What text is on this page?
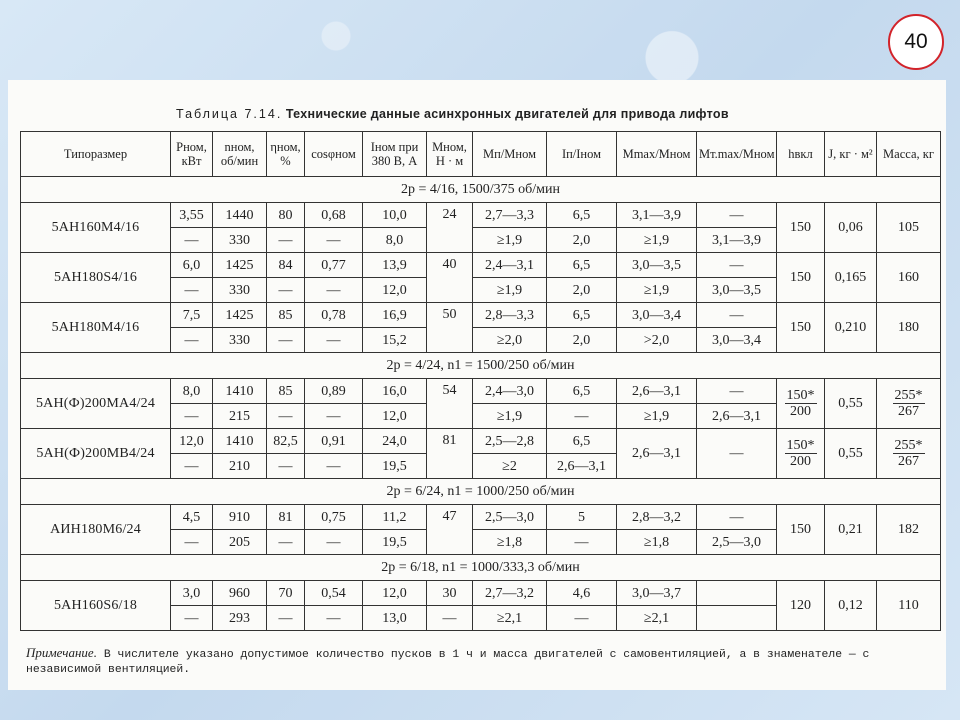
40
Таблица 7.14. Технические данные асинхронных двигателей для привода лифтов
Типоразмер	Pном, кВт	nном, об/мин	ηном, %	cosφном	Iном при 380 В, А	Mном, Н · м	Mп/Mном	Iп/Iном	Mmax/Mном	Mт.max/Mном	hвкл	J, кг · м²	Масса, кг
2p = 4/16, 1500/375 об/мин													
5АН160М4/16	3,55	1440	80	0,68	10,0	24	2,7—3,3	6,5	3,1—3,9	—	150	0,06	105
	—	330	—	—	8,0		≥1,9	2,0	≥1,9	3,1—3,9			
5АН180S4/16	6,0	1425	84	0,77	13,9	40	2,4—3,1	6,5	3,0—3,5	—	150	0,165	160
	—	330	—	—	12,0		≥1,9	2,0	≥1,9	3,0—3,5			
5АН180М4/16	7,5	1425	85	0,78	16,9	50	2,8—3,3	6,5	3,0—3,4	—	150	0,210	180
	—	330	—	—	15,2		≥2,0	2,0	>2,0	3,0—3,4			
2p = 4/24, n1 = 1500/250 об/мин													
5АН(Ф)200МА4/24	8,0	1410	85	0,89	16,0	54	2,4—3,0	6,5	2,6—3,1	—	$\frac{150*}{200}$	0,55	$\frac{255*}{267}$

	—	215	—	—	12,0		≥1,9	—	≥1,9	2,6—3,1			
5АН(Ф)200МВ4/24	12,0	1410	82,5	0,91	24,0	81	2,5—2,8	6,5	2,6—3,1	—	$\frac{150*}{200}$	0,55	$\frac{255*}{267}$

	—	210	—	—	19,5		≥2	2,6—3,1					
2p = 6/24, n1 = 1000/250 об/мин													
АИН180М6/24	4,5	910	81	0,75	11,2	47	2,5—3,0	5	2,8—3,2	—	150	0,21	182
	—	205	—	—	19,5		≥1,8	—	≥1,8	2,5—3,0			
2p = 6/18, n1 = 1000/333,3 об/мин													
5АН160S6/18	3,0	960	70	0,54	12,0	30	2,7—3,2	4,6	3,0—3,7		120	0,12	110
	—	293	—	—	13,0	—	≥2,1	—	≥2,1				
Примечание. В числителе указано допустимое количество пусков в 1 ч и масса двигателей с самовентиляцией, а в знаменателе — с независимой вентиляцией.
